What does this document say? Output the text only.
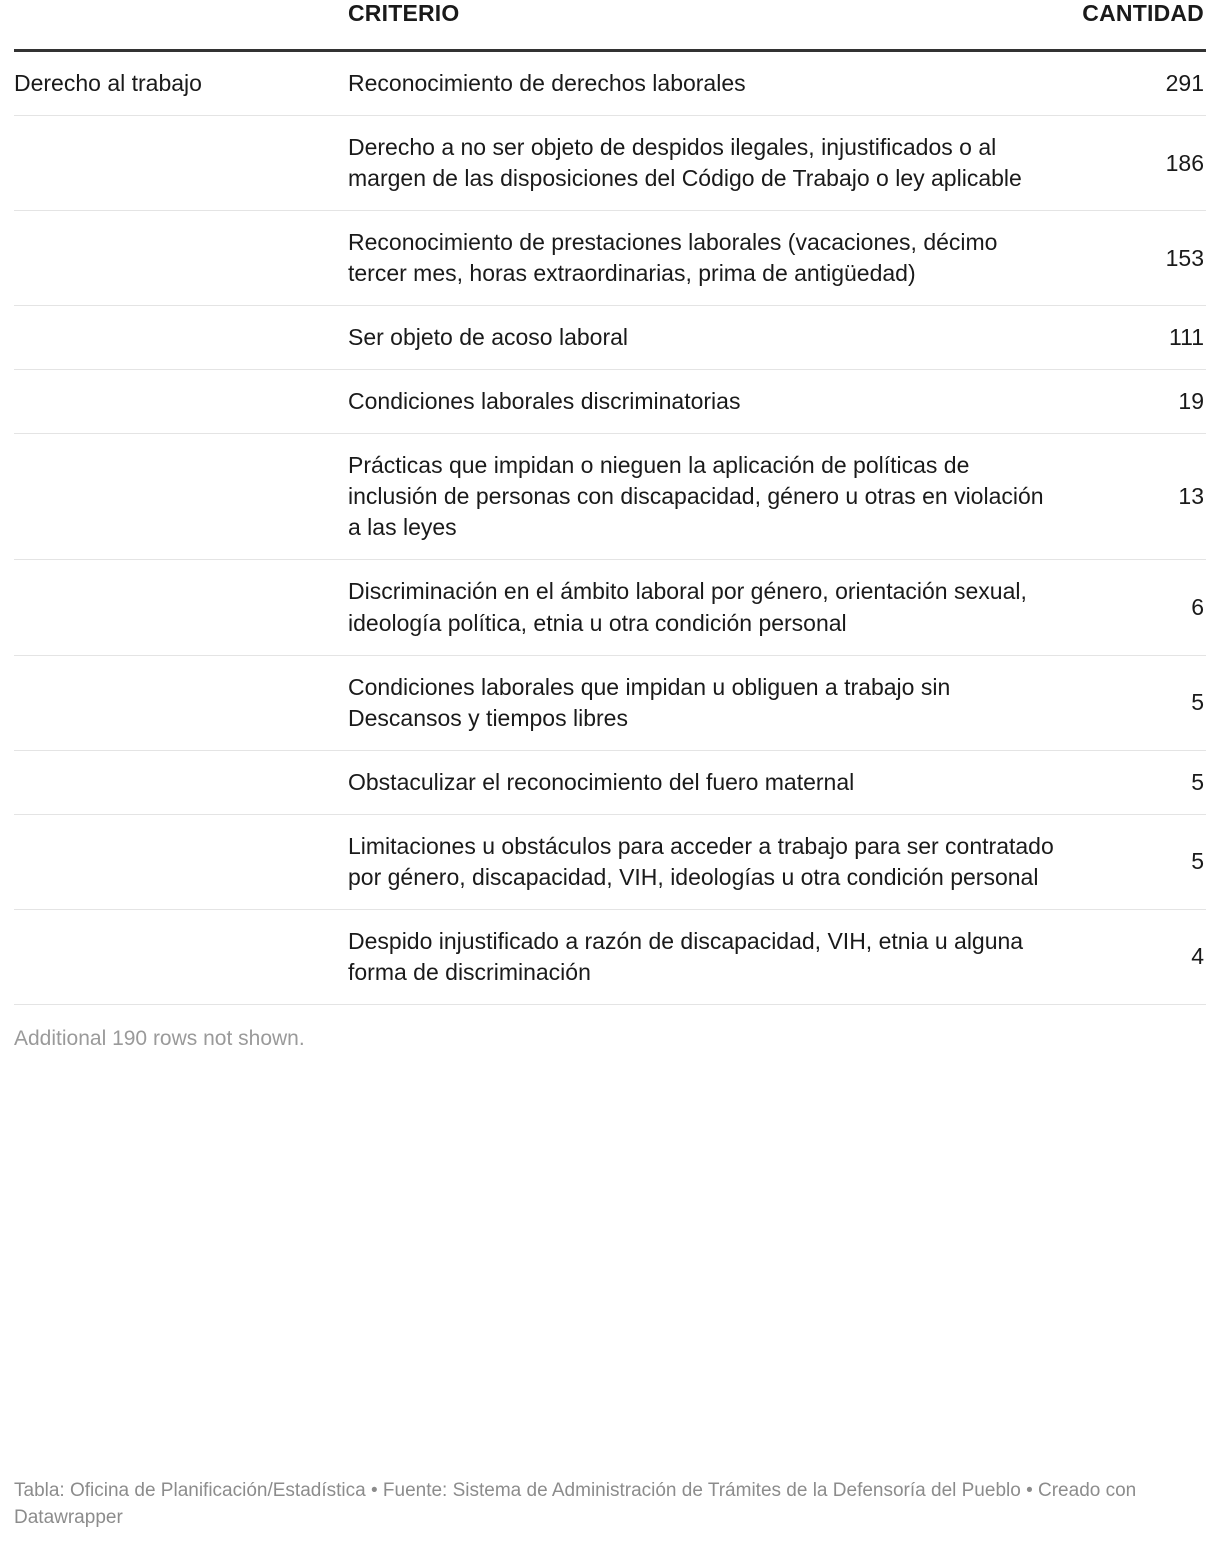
	CRITERIO	CANTIDAD
Derecho al trabajo	Reconocimiento de derechos laborales	291
	Derecho a no ser objeto de despidos ilegales, injustificados o al margen de las disposiciones del Código de Trabajo o ley aplicable	186
	Reconocimiento de prestaciones laborales (vacaciones, décimo tercer mes, horas extraordinarias, prima de antigüedad)	153
	Ser objeto de acoso laboral	111
	Condiciones laborales discriminatorias	19
	Prácticas que impidan o nieguen la aplicación de políticas de inclusión de personas con discapacidad, género u otras en violación a las leyes	13
	Discriminación en el ámbito laboral por género, orientación sexual, ideología política, etnia u otra condición personal	6
	Condiciones laborales que impidan u obliguen a trabajo sin Descansos y tiempos libres	5
	Obstaculizar el reconocimiento del fuero maternal	5
	Limitaciones u obstáculos para acceder a trabajo para ser contratado por género, discapacidad, VIH, ideologías u otra condición personal	5
	Despido injustificado a razón de discapacidad, VIH, etnia u alguna forma de discriminación	4
Additional 190 rows not shown.
Tabla: Oficina de Planificación/Estadística • Fuente: Sistema de Administración de Trámites de la Defensoría del Pueblo • Creado con Datawrapper
